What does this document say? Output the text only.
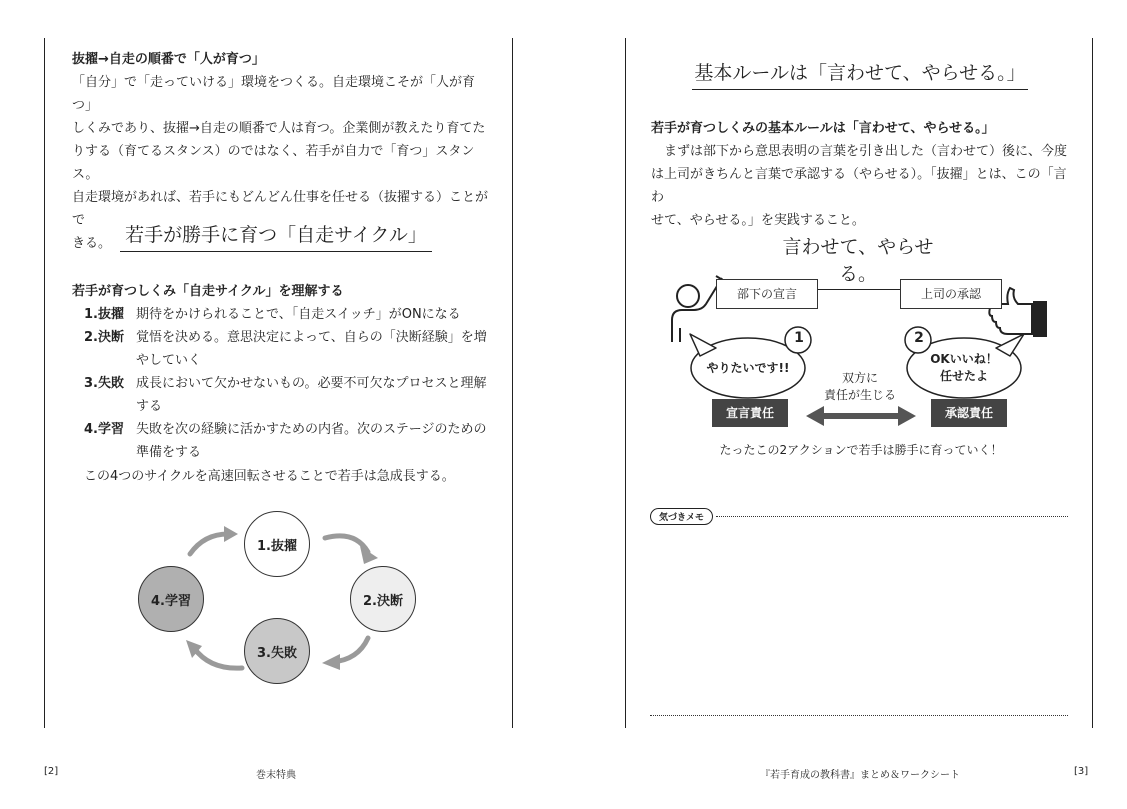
抜擢→自走の順番で「人が育つ」
「自分」で「走っていける」環境をつくる。自走環境こそが「人が育つ」
しくみであり、抜擢→自走の順番で人は育つ。企業側が教えたり育てた
りする（育てるスタンス）のではなく、若手が自力で「育つ」スタンス。
自走環境があれば、若手にもどんどん仕事を任せる（抜擢する）ことがで
きる。 若手が勝手に育つ「自走サイクル」
若手が育つしくみ「自走サイクル」を理解する
1.抜擢 期待をかけられることで、「自走スイッチ」がONになる
2.決断 覚悟を決める。意思決定によって、自らの「決断経験」を増
やしていく
3.失敗 成長において欠かせないもの。必要不可欠なプロセスと理解
する
4.学習 失敗を次の経験に活かすための内省。次のステージのための
準備をする
この4つのサイクルを高速回転させることで若手は急成長する。
1.抜擢
2.決断
3.失敗
4.学習
[2]	巻末特典
基本ルールは「言わせて、やらせる。」
若手が育つしくみの基本ルールは「言わせて、やらせる。」
まずは部下から意思表明の言葉を引き出した（言わせて）後に、今度
は上司がきちんと言葉で承認する（やらせる）。「抜擢」とは、この「言わ
せて、やらせる。」を実践すること。
言わせて、やらせる。
部下の宣言	上司の承認
1	2
やりたいです!!
OKいいね！
任せたよ
双方に
責任が生じる
宣言責任	承認責任
たったこの2アクションで若手は勝手に育っていく！
気づきメモ
『若手育成の教科書』まとめ＆ワークシート	[3]
